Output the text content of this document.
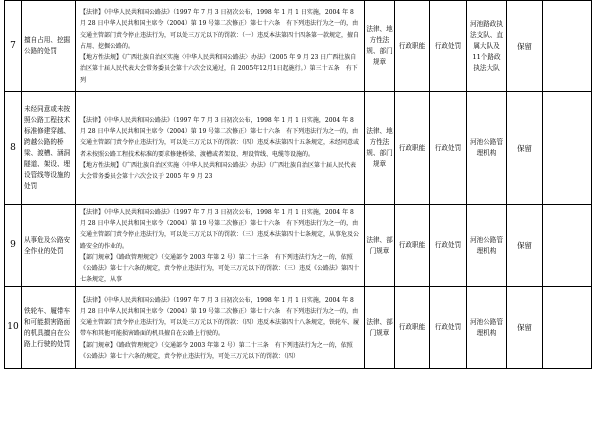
7	擅自占用、挖掘公路的处罚	【法律】《中华人民共和国公路法》（1997 年 7 月 3 日初次公布，1998 年 1 月 1 日实施，2004 年 8 月 28 日中华人民共和国主席令（2004）第 19 号第二次修正）第七十六条　有下列违法行为之一的，由交通主管部门责令停止违法行为，可以处三万元以下的罚款：（一）违反本法第四十四条第一款规定，擅自占用、挖掘公路的。

【地方性法规】《广西壮族自治区实施〈中华人民共和国公路法〉办法》（2005 年 9 月 23 日广西壮族自治区第十届人民代表大会常务委员会第十六次会议通过，自 2005年12月1日起施行。）第三十五条　有下列	法律、地方性法规、部门规章	行政职能	行政处罚	河池路政执法支队、直属大队及11个路政执法大队	保留	
8	未经同意或未按照公路工程技术标准修建穿越、跨越公路的桥梁、渡槽、涵洞隧道、架设、埋设管线等设施的处罚	【法律】《中华人民共和国公路法》（1997 年 7 月 3 日初次公布，1998 年 1 月 1 日实施，2004 年 8 月 28 日中华人民共和国主席令（2004）第 19 号第二次修正）第七十六条　有下列违法行为之一的，由交通主管部门责令停止违法行为，可以处三万元以下的罚款：（四）违反本法第四十五条规定，未经同意或者未按照公路工程技术标准的要求修建桥梁、渡槽或者架设、埋设管线、电缆等设施的。

【地方性法规】《广西壮族自治区实施〈中华人民共和国公路法〉办法》（广西壮族自治区第十届人民代表大会常务委员会第十六次会议于 2005 年 9 月 23	法律、地方性法规、部门规章	行政职能	行政处罚	河池公路管理机构	保留	
9	从事危及公路安全作业的处罚	【法律】《中华人民共和国公路法》（1997 年 7 月 3 日初次公布，1998 年 1 月 1 日实施，2004 年 8 月 28 日中华人民共和国主席令（2004）第 19 号第二次修正）第七十六条　有下列违法行为之一的，由交通主管部门责令停止违法行为，可以处三万元以下的罚款：（三）违反本法第四十七条规定，从事危及公路安全的作业的。

【部门规章】《路政管理规定》（交通部令 2003 年第 2 号）第二十三条　有下列违法行为之一的，依照《公路法》第七十六条的规定，责令停止违法行为，可处三万元以下的罚款：（三）违反《公路法》第四十七条规定，从事	法律、部门规章	行政职能	行政处罚	河池公路管理机构	保留	
10	铁轮车、履带车和可能损害路面的机具擅自在公路上行驶的处罚	【法律】《中华人民共和国公路法》（1997 年 7 月 3 日初次公布，1998 年 1 月 1 日实施，2004 年 8 月 28 日中华人民共和国主席令（2004）第 19 号第二次修正）第七十六条　有下列违法行为之一的，由交通主管部门责令停止违法行为，可以处三万元以下的罚款：（四）违反本法第四十八条规定，铁轮车、履带车和其他可能损害路面的机具擅自在公路上行驶的。

【部门规章】《路政管理规定》（交通部令 2003 年第 2 号）第二十三条　有下列违法行为之一的，依照《公路法》第七十六条的规定，责令停止违法行为，可处三万元以下的罚款：（四）	法律、部门规章	行政职能	行政处罚	河池公路管理机构	保留	
